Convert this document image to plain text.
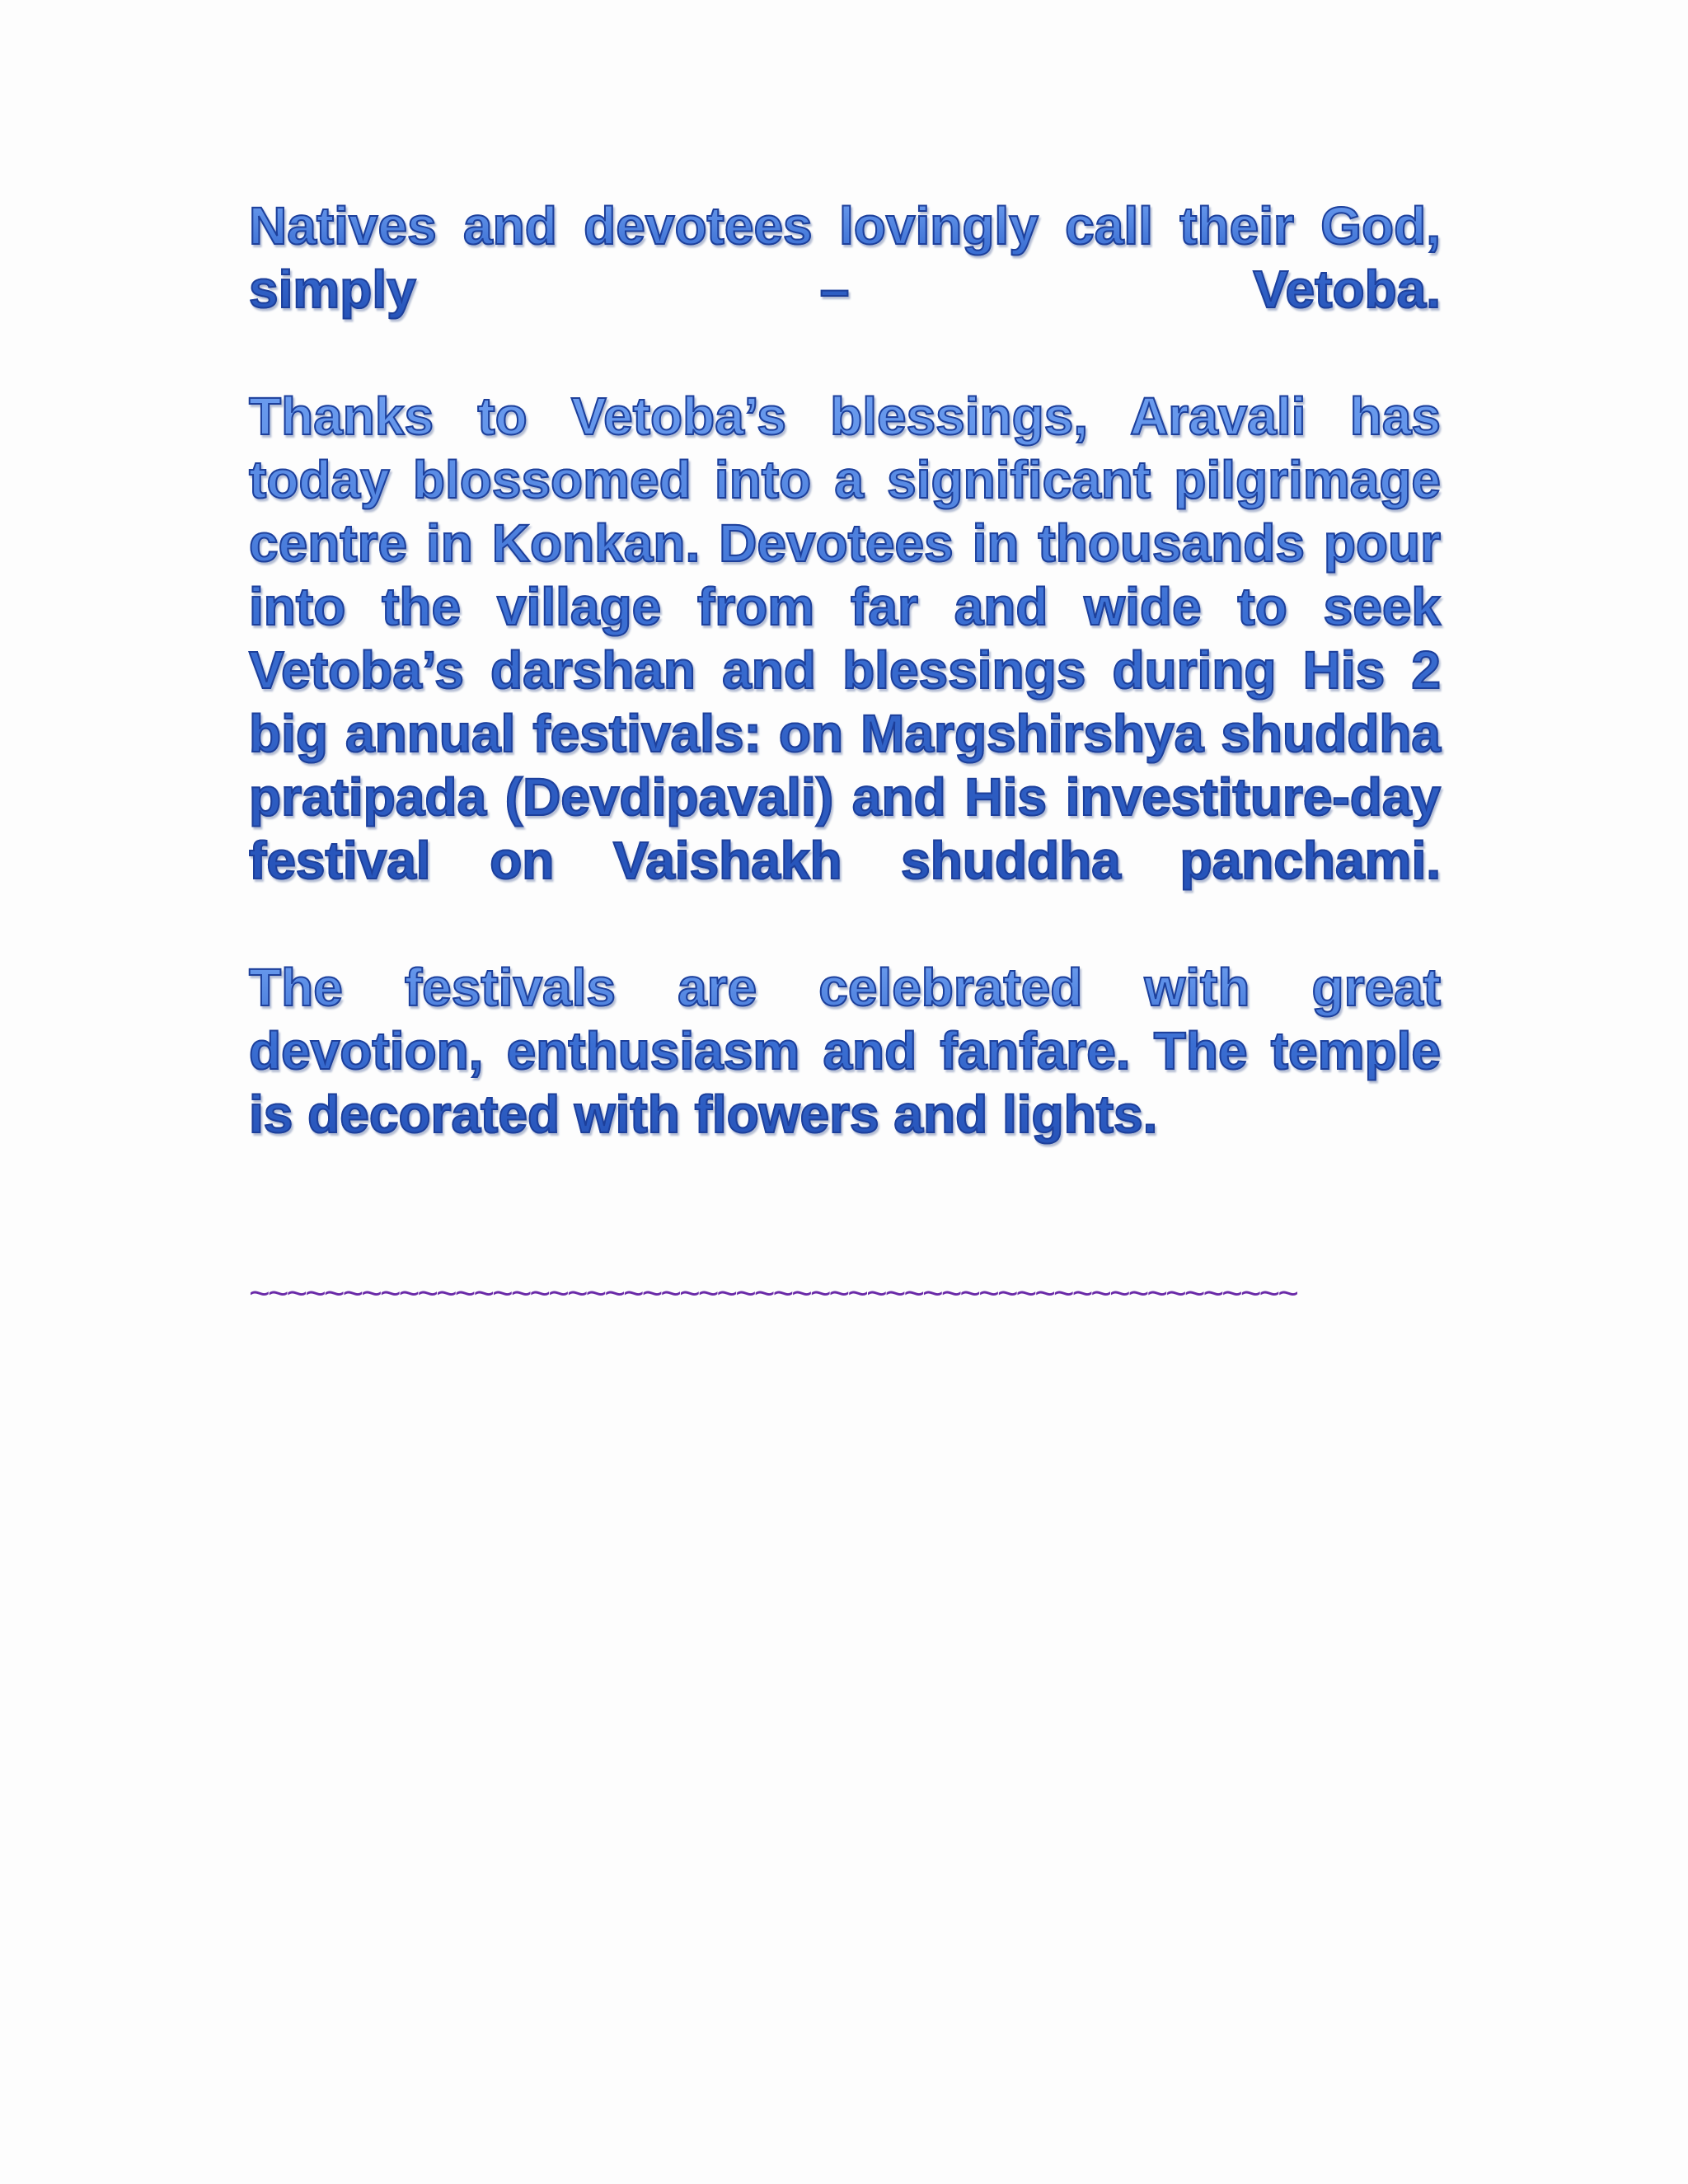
Natives and devotees lovingly call their God, simply – Vetoba.

Thanks to Vetoba’s blessings, Aravali has today blossomed into a significant pilgrimage centre in Konkan. Devotees in thousands pour into the village from far and wide to seek Vetoba’s darshan and blessings during His 2 big annual festivals: on Margshirshya shuddha pratipada (Devdipavali) and His investiture-day festival on Vaishakh shuddha panchami.

The festivals are celebrated with great devotion, enthusiasm and fanfare. The temple is decorated with flowers and lights.

~~~~~~~~~~~~~~~~~~~~~~~~~~~~~~~~~~~~~~~~~~~~~~~~~~~~~~~~
